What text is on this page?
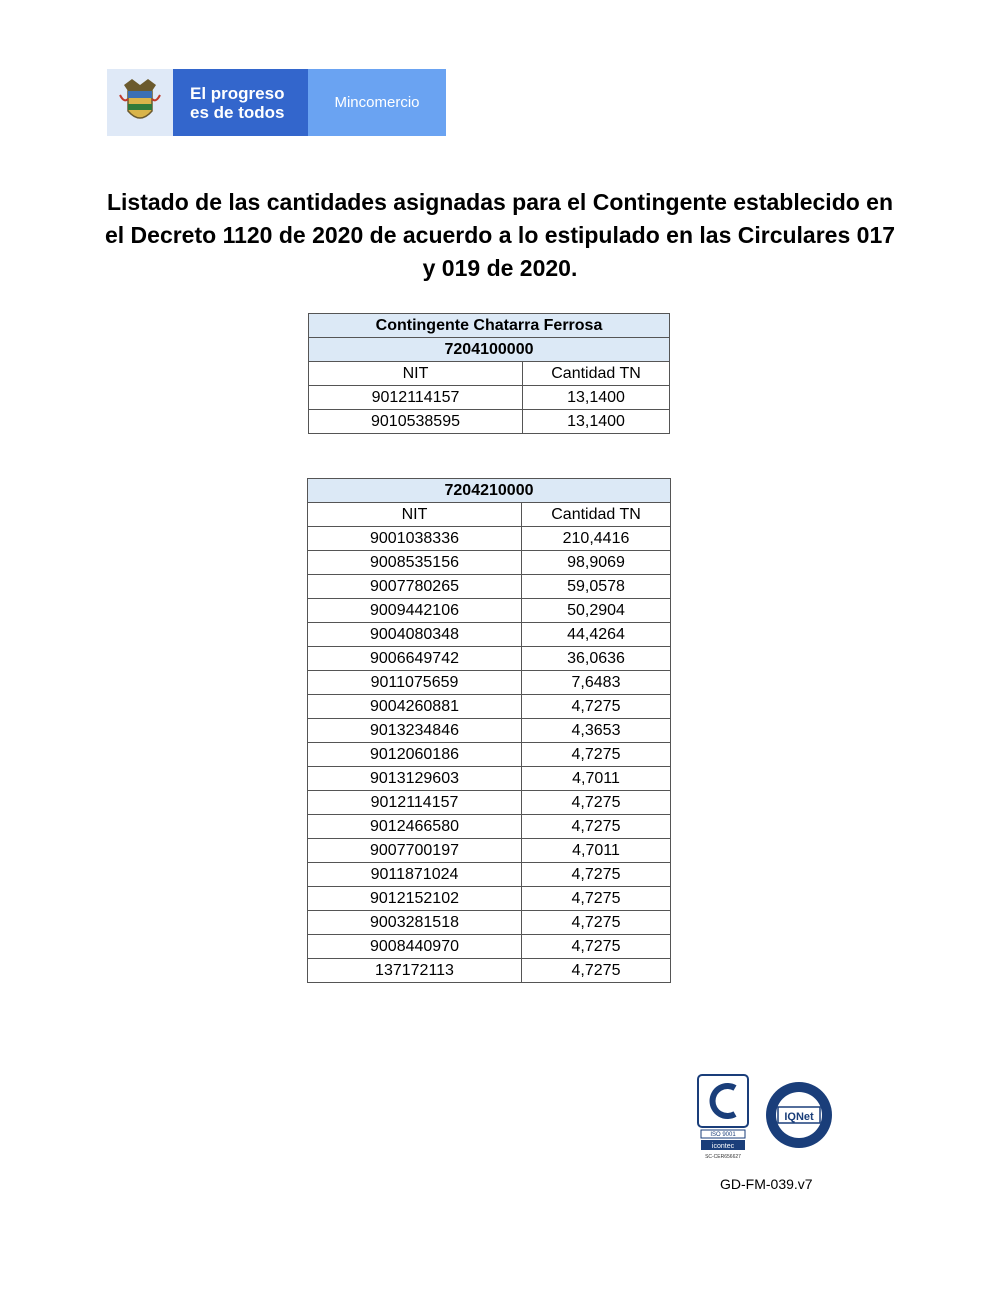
El progreso
es de todos	Mincomercio
Listado de las cantidades asignadas para el Contingente establecido en
el Decreto 1120 de 2020 de acuerdo a lo estipulado en las Circulares 017
y 019 de 2020.
Contingente Chatarra Ferrosa	
7204100000	
NIT	Cantidad TN
9012114157	13,1400
9010538595	13,1400
7204210000	
NIT	Cantidad TN
9001038336	210,4416
9008535156	98,9069
9007780265	59,0578
9009442106	50,2904
9004080348	44,4264
9006649742	36,0636
9011075659	7,6483
9004260881	4,7275
9013234846	4,3653
9012060186	4,7275
9013129603	4,7011
9012114157	4,7275
9012466580	4,7275
9007700197	4,7011
9011871024	4,7275
9012152102	4,7275
9003281518	4,7275
9008440970	4,7275
137172113	4,7275
ISO 9001
icontec
SC-CER656627
IQNet
GD-FM-039.v7
